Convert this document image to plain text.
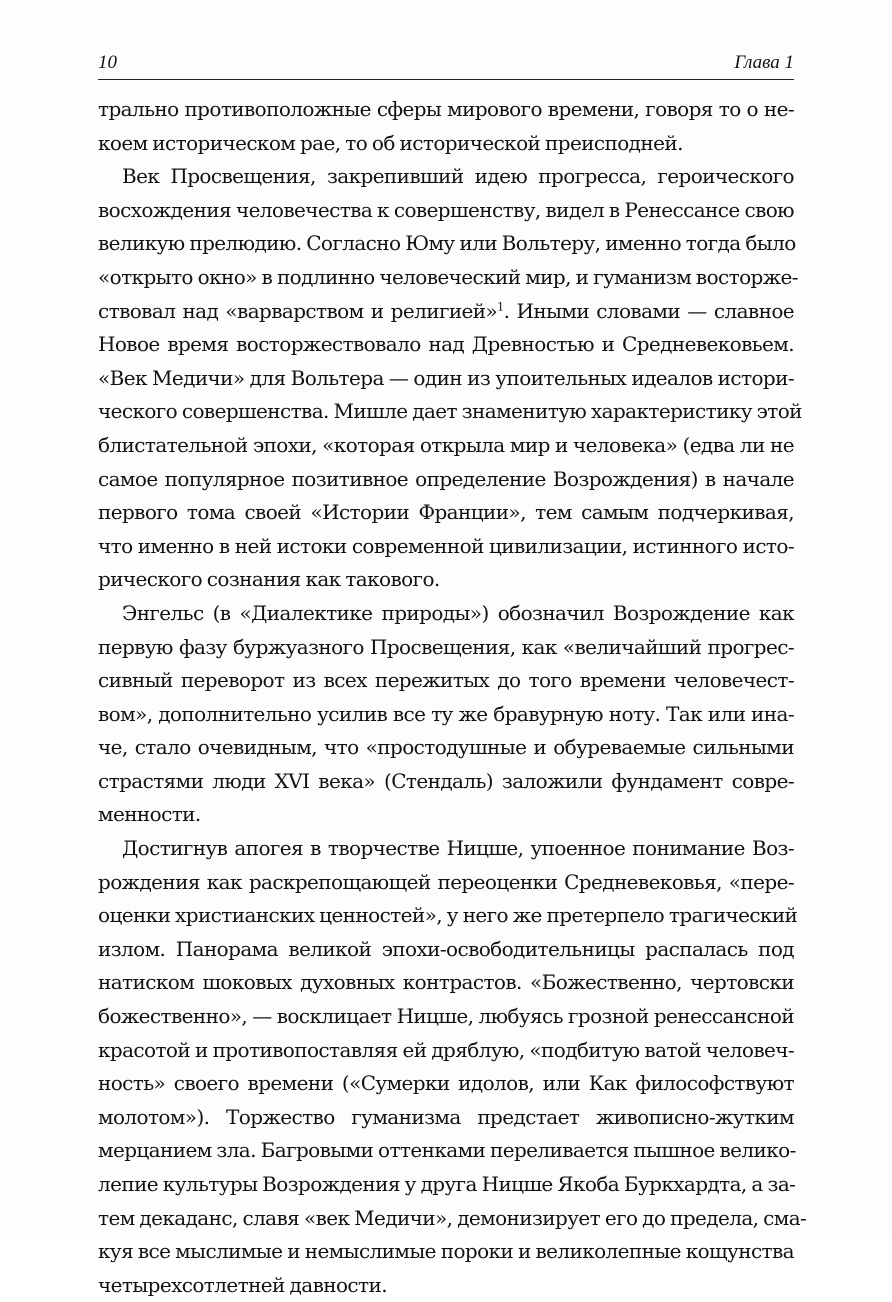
10	Глава 1

трально противоположные сферы мирового времени, говоря то о не-
коем историческом рае, то об исторической преисподней.

Век Просвещения, закрепивший идею прогресса, героического
восхождения человечества к совершенству, видел в Ренессансе свою
великую прелюдию. Согласно Юму или Вольтеру, именно тогда было
«открыто окно» в подлинно человеческий мир, и гуманизм восторже-
ствовал над «варварством и религией»$^1$. Иными словами — славное
Новое время восторжествовало над Древностью и Средневековьем.
«Век Медичи» для Вольтера — один из упоительных идеалов истори-
ческого совершенства. Мишле дает знаменитую характеристику этой
блистательной эпохи, «которая открыла мир и человека» (едва ли не
самое популярное позитивное определение Возрождения) в начале
первого тома своей «Истории Франции», тем самым подчеркивая,
что именно в ней истоки современной цивилизации, истинного исто-
рического сознания как такового.

Энгельс (в «Диалектике природы») обозначил Возрождение как
первую фазу буржуазного Просвещения, как «величайший прогрес-
сивный переворот из всех пережитых до того времени человечест-
вом», дополнительно усилив все ту же бравурную ноту. Так или ина-
че, стало очевидным, что «простодушные и обуреваемые сильными
страстями люди XVI века» (Стендаль) заложили фундамент совре-
менности.

Достигнув апогея в творчестве Ницше, упоенное понимание Воз-
рождения как раскрепощающей переоценки Средневековья, «пере-
оценки христианских ценностей», у него же претерпело трагический
излом. Панорама великой эпохи-освободительницы распалась под
натиском шоковых духовных контрастов. «Божественно, чертовски
божественно», — восклицает Ницше, любуясь грозной ренессансной
красотой и противопоставляя ей дряблую, «подбитую ватой человеч-
ность» своего времени («Сумерки идолов, или Как философствуют
молотом»). Торжество гуманизма предстает живописно-жутким
мерцанием зла. Багровыми оттенками переливается пышное велико-
лепие культуры Возрождения у друга Ницше Якоба Буркхардта, а за-
тем декаданс, славя «век Медичи», демонизирует его до предела, сма-
куя все мыслимые и немыслимые пороки и великолепные кощунства
четырехсотлетней давности.
